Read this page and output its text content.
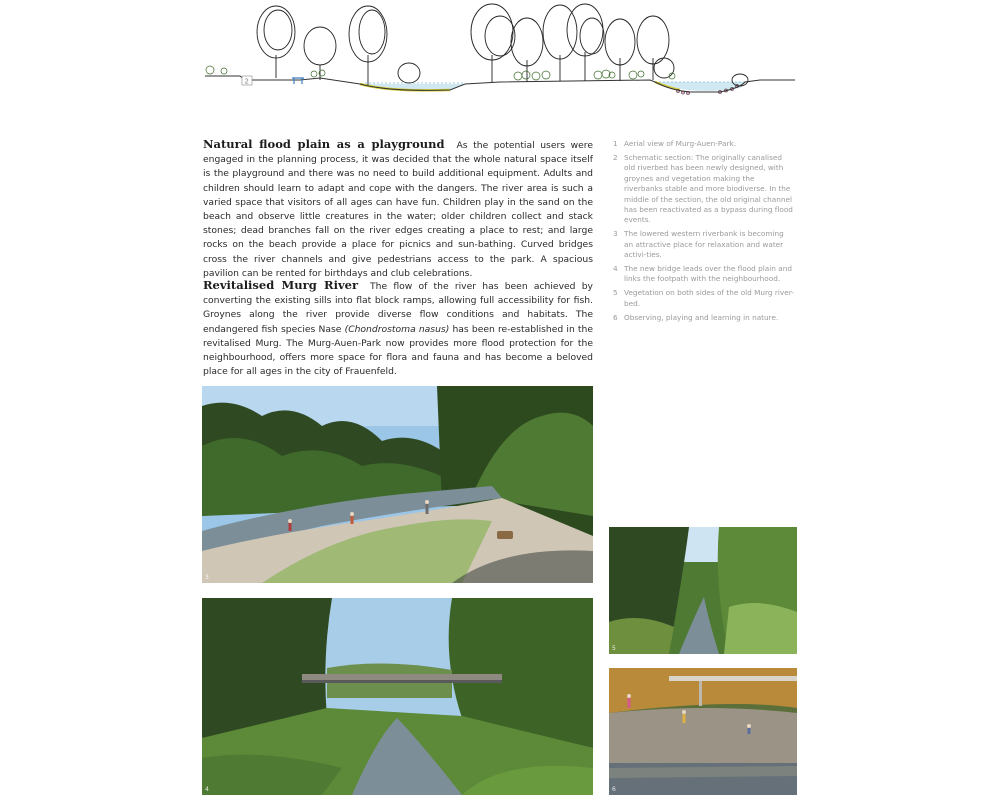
2
Natural flood plain as a playground As the potential users were engaged in the planning process, it was decided that the whole natural space itself is the playground and there was no need to build additional equipment. Adults and children should learn to adapt and cope with the dangers. The river area is such a varied space that visitors of all ages can have fun. Children play in the sand on the beach and observe little creatures in the water; older children collect and stack stones; dead branches fall on the river edges creating a place to rest; and large rocks on the beach provide a place for picnics and sun-bathing. Curved bridges cross the river channels and give pedestrians access to the park. A spacious pavilion can be rented for birthdays and club celebrations.
Revitalised Murg River The flow of the river has been achieved by converting the existing sills into flat block ramps, allowing full accessibility for fish. Groynes along the river provide diverse flow conditions and habitats. The endangered fish species Nase (Chondrostoma nasus) has been re-established in the revitalised Murg. The Murg-Auen-Park now provides more flood protection for the neighbourhood, offers more space for flora and fauna and has become a beloved place for all ages in the city of Frauenfeld.
1 Aerial view of Murg-Auen-Park.
2 Schematic section: The originally canalised old riverbed has been newly designed, with groynes and vegetation making the riverbanks stable and more biodiverse. In the middle of the section, the old original channel has been reactivated as a bypass during flood events.
3 The lowered western riverbank is becoming an attractive place for relaxation and water activi-ties.
4 The new bridge leads over the flood plain and links the footpath with the neighbourhood.
5 Vegetation on both sides of the old Murg river-bed.
6 Observing, playing and learning in nature.
3
5
4	6
